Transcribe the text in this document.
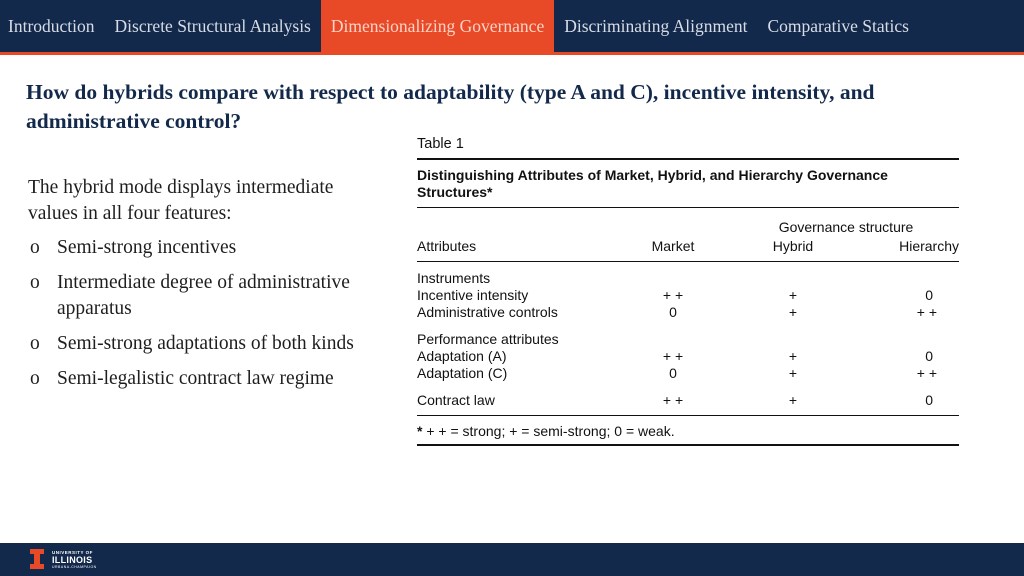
Introduction	Discrete Structural Analysis	Dimensionalizing Governance	Discriminating Alignment	Comparative Statics
How do hybrids compare with respect to adaptability (type A and C), incentive intensity, and administrative control?

The hybrid mode displays intermediate values in all four features:

o Semi-strong incentives
o Intermediate degree of administrative apparatus
o Semi-strong adaptations of both kinds
o Semi-legalistic contract law regime
Table 1
Distinguishing Attributes of Market, Hybrid, and Hierarchy Governance Structures*
Governance structure
Attributes	Market	Hybrid	Hierarchy
Instruments
Incentive intensity	+ +	+	0
Administrative controls	0	+	+ +
Performance attributes
Adaptation (A)	+ +	+	0
Adaptation (C)	0	+	+ +
Contract law	+ +	+	0
* + + = strong; + = semi-strong; 0 = weak.
UNIVERSITY OF
ILLINOIS
URBANA-CHAMPAIGN
